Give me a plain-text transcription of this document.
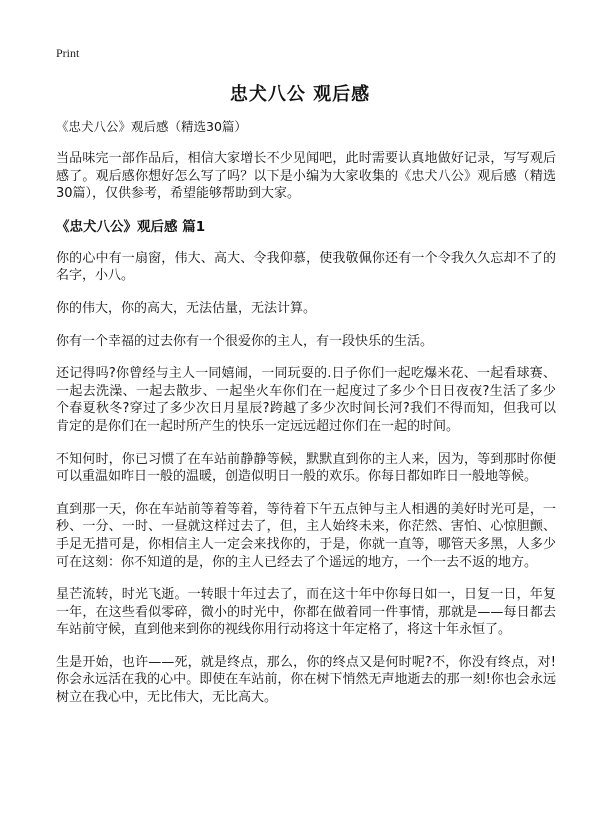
Print
忠犬八公 观后感

《忠犬八公》观后感（精选30篇）

当品味完一部作品后，相信大家增长不少见闻吧，此时需要认真地做好记录，写写观后感了。观后感你想好怎么写了吗？以下是小编为大家收集的《忠犬八公》观后感（精选30篇），仅供参考，希望能够帮助到大家。

《忠犬八公》观后感 篇1

你的心中有一扇窗，伟大、高大、令我仰慕，使我敬佩你还有一个令我久久忘却不了的名字，小八。

你的伟大，你的高大，无法估量，无法计算。

你有一个幸福的过去你有一个很爱你的主人，有一段快乐的生活。

还记得吗?你曾经与主人一同嬉闹，一同玩耍的.日子你们一起吃爆米花、一起看球赛、一起去洗澡、一起去散步、一起坐火车你们在一起度过了多少个日日夜夜?生活了多少个春夏秋冬?穿过了多少次日月星辰?跨越了多少次时间长河?我们不得而知，但我可以肯定的是你们在一起时所产生的快乐一定远远超过你们在一起的时间。

不知何时，你已习惯了在车站前静静等候，默默直到你的主人来，因为，等到那时你便可以重温如昨日一般的温暖，创造似明日一般的欢乐。你每日都如昨日一般地等候。

直到那一天，你在车站前等着等着，等待着下午五点钟与主人相遇的美好时光可是，一秒、一分、一时、一昼就这样过去了，但，主人始终未来，你茫然、害怕、心惊胆颤、手足无措可是，你相信主人一定会来找你的，于是，你就一直等，哪管天多黑，人多少可在这刻：你不知道的是，你的主人已经去了个遥远的地方，一个一去不返的地方。

星芒流转，时光飞逝。一转眼十年过去了，而在这十年中你每日如一，日复一日，年复一年，在这些看似零碎，微小的时光中，你都在做着同一件事情，那就是——每日都去车站前守候，直到他来到你的视线你用行动将这十年定格了，将这十年永恒了。

生是开始，也许——死，就是终点，那么，你的终点又是何时呢?不，你没有终点，对!你会永远活在我的心中。即使在车站前，你在树下悄然无声地逝去的那一刻!你也会永远树立在我心中，无比伟大，无比高大。
